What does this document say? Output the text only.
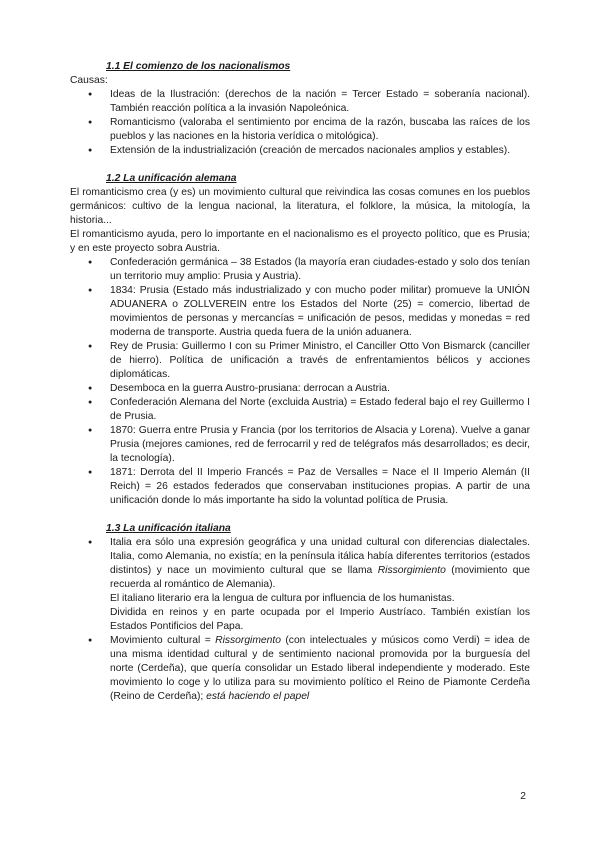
1.1 El comienzo de los nacionalismos
Causas:
●	Ideas de la Ilustración: (derechos de la nación = Tercer Estado = soberanía nacional). También reacción política a la invasión Napoleónica.
●	Romanticismo (valoraba el sentimiento por encima de la razón, buscaba las raíces de los pueblos y las naciones en la historia verídica o mitológica).
●	Extensión de la industrialización (creación de mercados nacionales amplios y estables).
1.2 La unificación alemana
El romanticismo crea (y es) un movimiento cultural que reivindica las cosas comunes en los pueblos germánicos: cultivo de la lengua nacional, la literatura, el folklore, la música, la mitología, la historia...
El romanticismo ayuda, pero lo importante en el nacionalismo es el proyecto político, que es Prusia; y en este proyecto sobra Austria.
●	Confederación germánica – 38 Estados (la mayoría eran ciudades-estado y solo dos tenían un territorio muy amplio: Prusia y Austria).
●	1834: Prusia (Estado más industrializado y con mucho poder militar) promueve la UNIÓN ADUANERA o ZOLLVEREIN entre los Estados del Norte (25) = comercio, libertad de movimientos de personas y mercancías = unificación de pesos, medidas y monedas = red moderna de transporte. Austria queda fuera de la unión aduanera.
●	Rey de Prusia: Guillermo I con su Primer Ministro, el Canciller Otto Von Bismarck (canciller de hierro). Política de unificación a través de enfrentamientos bélicos y acciones diplomáticas.
●	Desemboca en la guerra Austro-prusiana: derrocan a Austria.
●	Confederación Alemana del Norte (excluida Austria) = Estado federal bajo el rey Guillermo I de Prusia.
●	1870: Guerra entre Prusia y Francia (por los territorios de Alsacia y Lorena). Vuelve a ganar Prusia (mejores camiones, red de ferrocarril y red de telégrafos más desarrollados; es decir, la tecnología).
●	1871: Derrota del II Imperio Francés = Paz de Versalles = Nace el II Imperio Alemán (II Reich) = 26 estados federados que conservaban instituciones propias. A partir de una unificación donde lo más importante ha sido la voluntad política de Prusia.
1.3 La unificación italiana
●	Italia era sólo una expresión geográfica y una unidad cultural con diferencias dialectales. Italia, como Alemania, no existía; en la península itálica había diferentes territorios (estados distintos) y nace un movimiento cultural que se llama Rissorgimiento (movimiento que recuerda al romántico de Alemania).
El italiano literario era la lengua de cultura por influencia de los humanistas.
Dividida en reinos y en parte ocupada por el Imperio Austríaco. También existían los Estados Pontificios del Papa.
●	Movimiento cultural = Rissorgimento (con intelectuales y músicos como Verdi) = idea de una misma identidad cultural y de sentimiento nacional promovida por la burguesía del norte (Cerdeña), que quería consolidar un Estado liberal independiente y moderado. Este movimiento lo coge y lo utiliza para su movimiento político el Reino de Piamonte Cerdeña (Reino de Cerdeña); está haciendo el papel
2
